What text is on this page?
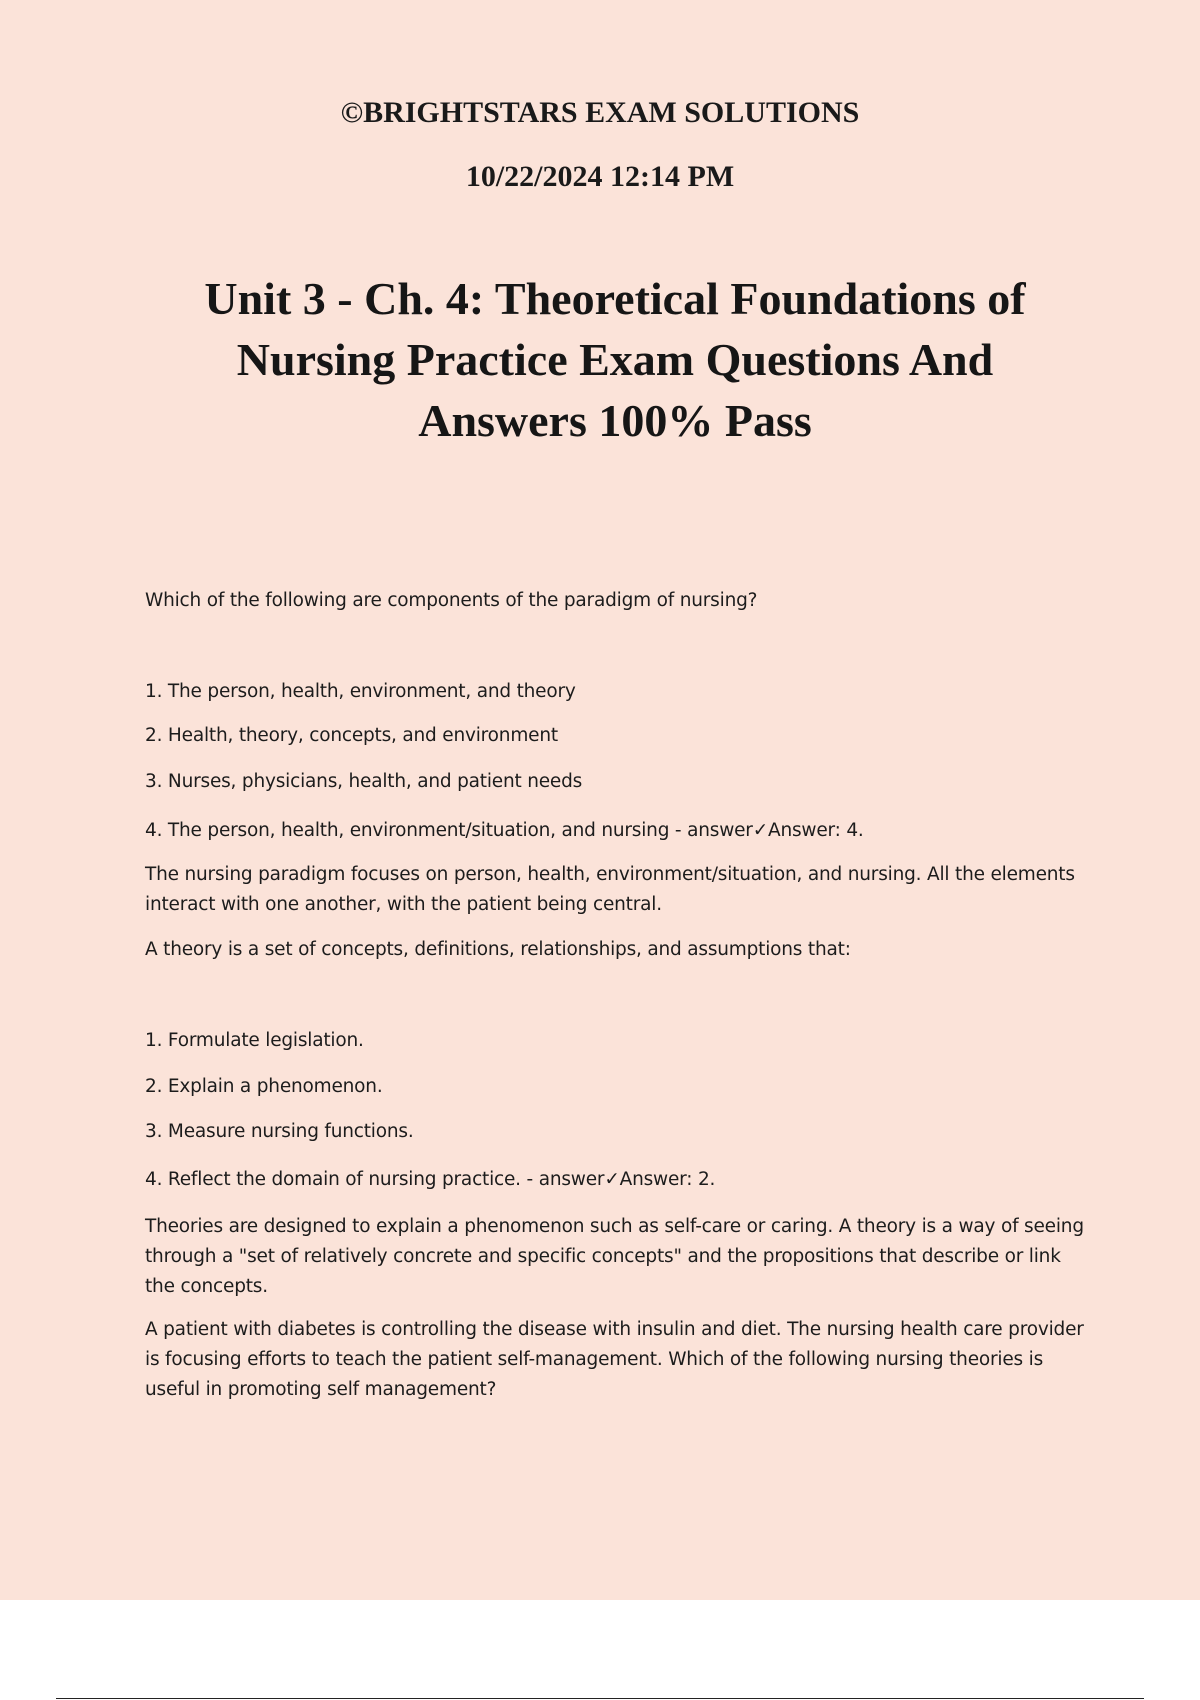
©BRIGHTSTARS EXAM SOLUTIONS
10/22/2024 12:14 PM
Unit 3 - Ch. 4: Theoretical Foundations of Nursing Practice Exam Questions And Answers 100% Pass
Which of the following are components of the paradigm of nursing?
1. The person, health, environment, and theory
2. Health, theory, concepts, and environment
3. Nurses, physicians, health, and patient needs
4. The person, health, environment/situation, and nursing - answer✓Answer: 4.
The nursing paradigm focuses on person, health, environment/situation, and nursing. All the elements interact with one another, with the patient being central.
A theory is a set of concepts, definitions, relationships, and assumptions that:
1. Formulate legislation.
2. Explain a phenomenon.
3. Measure nursing functions.
4. Reflect the domain of nursing practice. - answer✓Answer: 2.
Theories are designed to explain a phenomenon such as self-care or caring. A theory is a way of seeing through a "set of relatively concrete and specific concepts" and the propositions that describe or link the concepts.
A patient with diabetes is controlling the disease with insulin and diet. The nursing health care provider is focusing efforts to teach the patient self-management. Which of the following nursing theories is useful in promoting self management?
